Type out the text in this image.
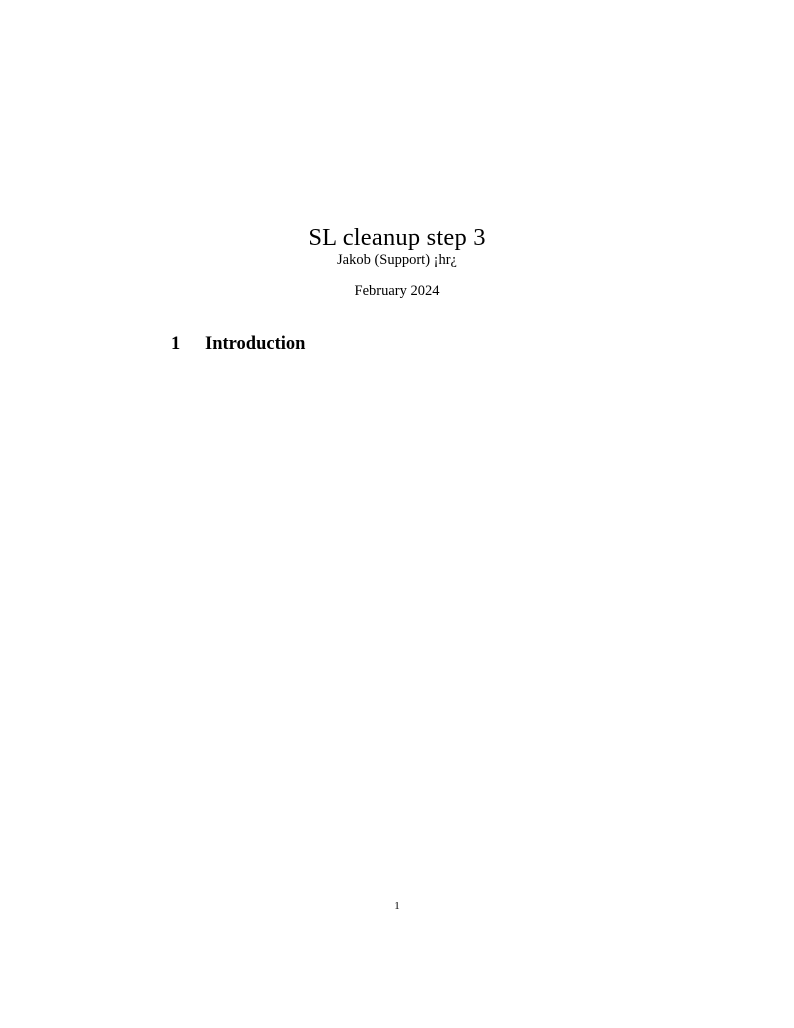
SL cleanup step 3
Jakob (Support) ¡hr¿
February 2024
1 Introduction
1
